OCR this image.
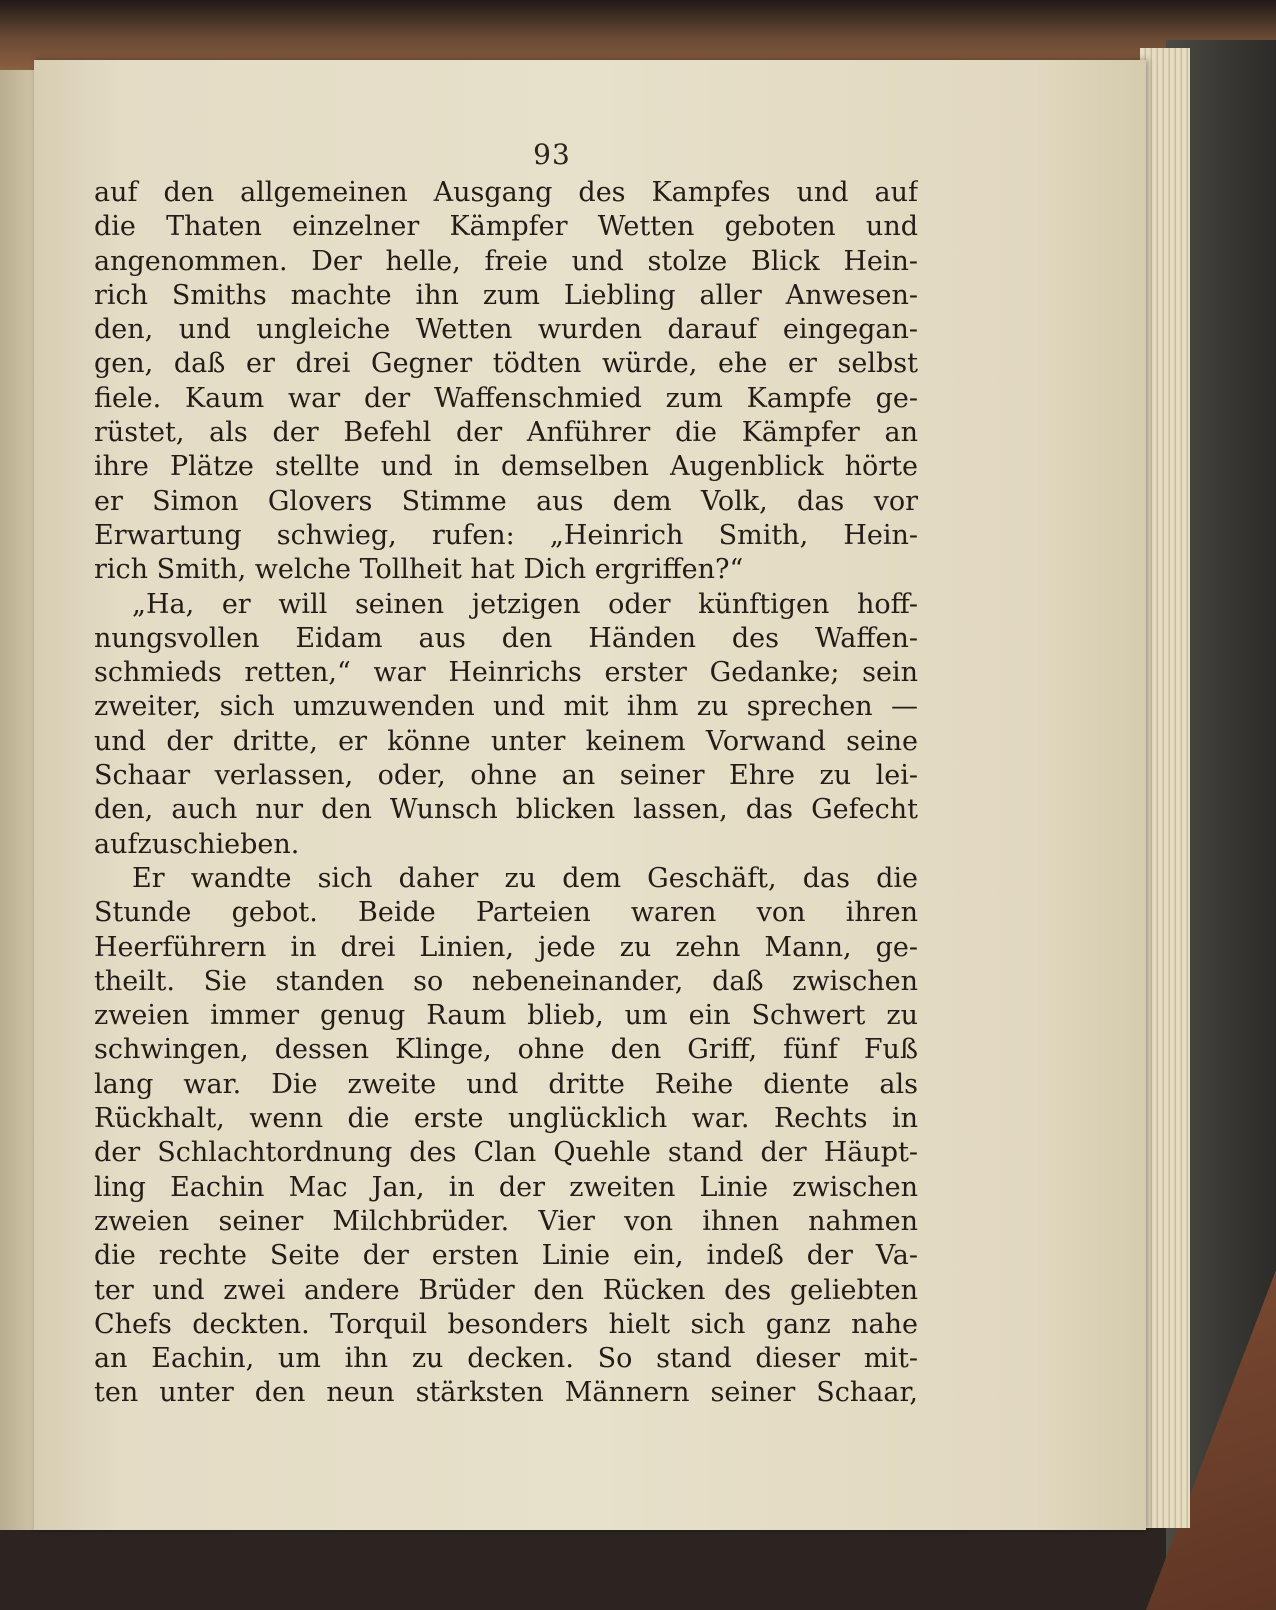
93
auf den allgemeinen Ausgang des Kampfes und auf
die Thaten einzelner Kämpfer Wetten geboten und
angenommen. Der helle, freie und stolze Blick Hein-
rich Smiths machte ihn zum Liebling aller Anwesen-
den, und ungleiche Wetten wurden darauf eingegan-
gen, daß er drei Gegner tödten würde, ehe er selbst
fiele. Kaum war der Waffenschmied zum Kampfe ge-
rüstet, als der Befehl der Anführer die Kämpfer an
ihre Plätze stellte und in demselben Augenblick hörte
er Simon Glovers Stimme aus dem Volk, das vor
Erwartung schwieg, rufen: „Heinrich Smith, Hein-
rich Smith, welche Tollheit hat Dich ergriffen?“
„Ha, er will seinen jetzigen oder künftigen hoff-
nungsvollen Eidam aus den Händen des Waffen-
schmieds retten,“ war Heinrichs erster Gedanke; sein
zweiter, sich umzuwenden und mit ihm zu sprechen —
und der dritte, er könne unter keinem Vorwand seine
Schaar verlassen, oder, ohne an seiner Ehre zu lei-
den, auch nur den Wunsch blicken lassen, das Gefecht
aufzuschieben.
Er wandte sich daher zu dem Geschäft, das die
Stunde gebot. Beide Parteien waren von ihren
Heerführern in drei Linien, jede zu zehn Mann, ge-
theilt. Sie standen so nebeneinander, daß zwischen
zweien immer genug Raum blieb, um ein Schwert zu
schwingen, dessen Klinge, ohne den Griff, fünf Fuß
lang war. Die zweite und dritte Reihe diente als
Rückhalt, wenn die erste unglücklich war. Rechts in
der Schlachtordnung des Clan Quehle stand der Häupt-
ling Eachin Mac Jan, in der zweiten Linie zwischen
zweien seiner Milchbrüder. Vier von ihnen nahmen
die rechte Seite der ersten Linie ein, indeß der Va-
ter und zwei andere Brüder den Rücken des geliebten
Chefs deckten. Torquil besonders hielt sich ganz nahe
an Eachin, um ihn zu decken. So stand dieser mit-
ten unter den neun stärksten Männern seiner Schaar,
